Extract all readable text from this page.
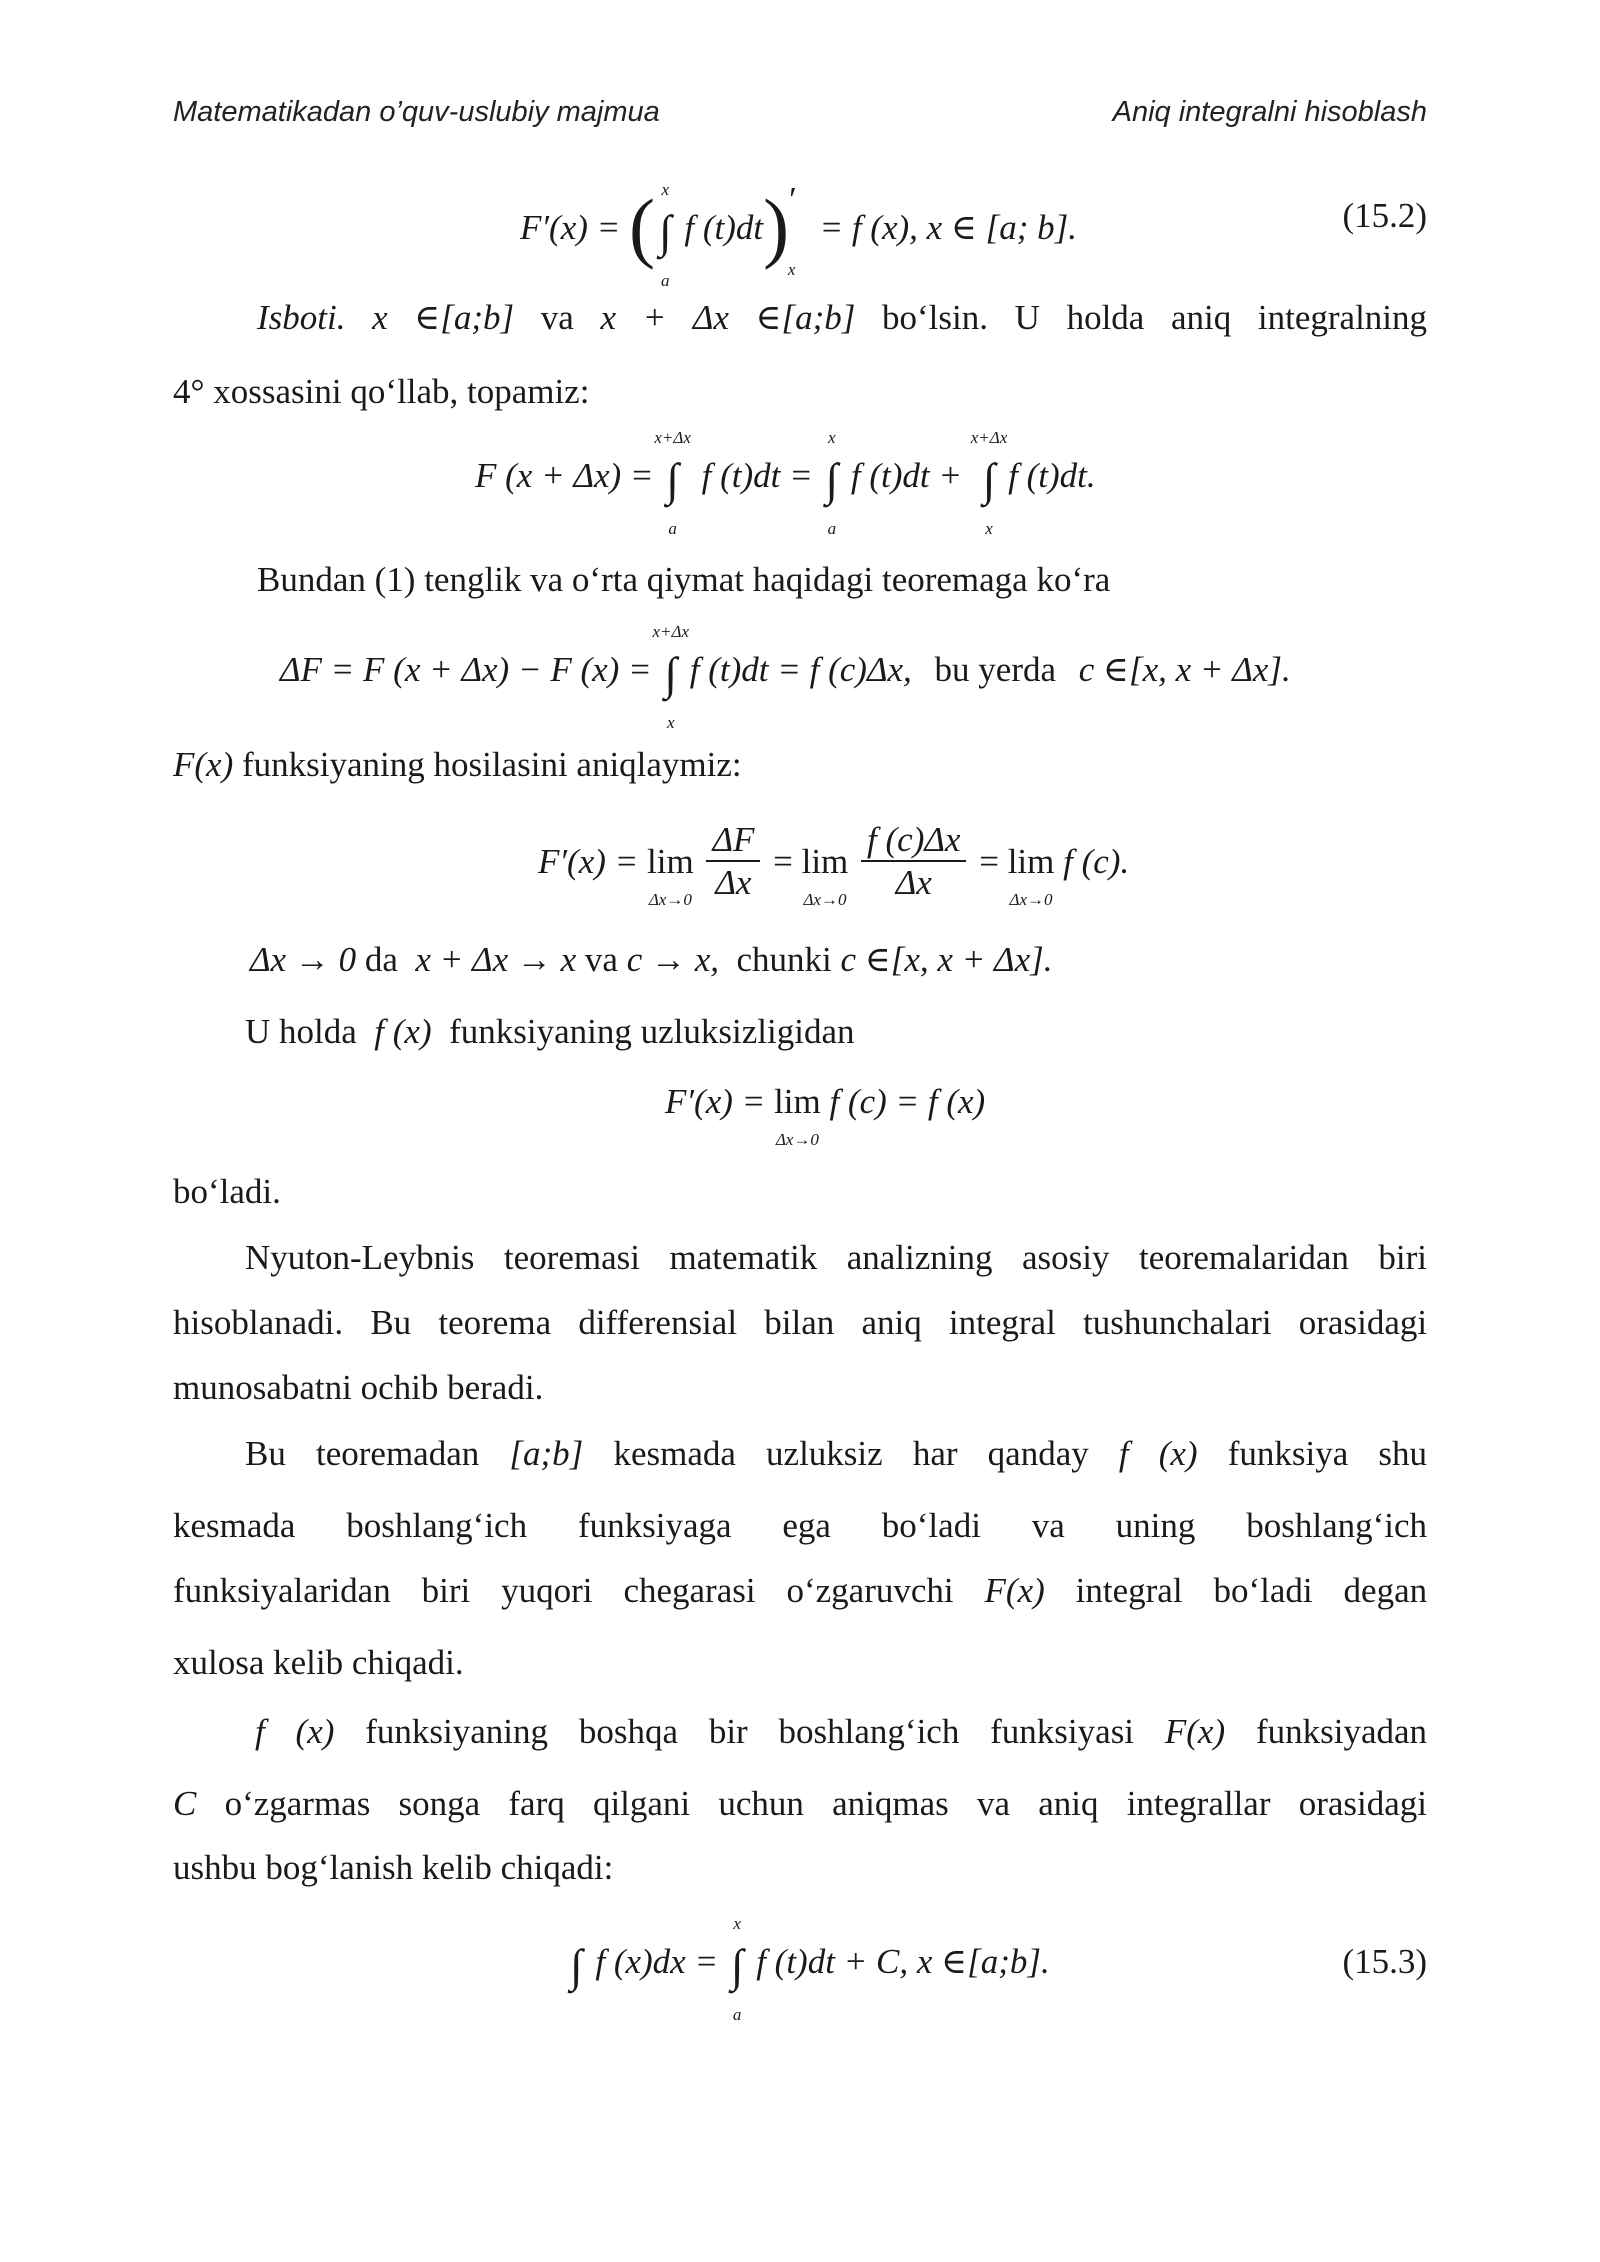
Matematikadan o’quv-uslubiy majmua	Aniq integralni hisoblash
F′(x) = (∫
x
a
f (t)dt)
x
′ = f (x), x ∈ [a; b].	(15.2)
Isboti. x ∈[a;b] va x + Δx ∈[a;b] bo‘lsin. U holda aniq integralning
4° xossasini qo‘llab, topamiz:
F (x + Δx) = ∫
x+Δx
a
f (t)dt = ∫
x
a
f (t)dt + ∫
x+Δx
x
f (t)dt.
Bundan (1) tenglik va o‘rta qiymat haqidagi teoremaga ko‘ra
ΔF = F (x + Δx) − F (x) = ∫
x+Δx
x
f (t)dt = f (c)Δx, bu yerda c ∈[x, x + Δx].
F(x) funksiyaning hosilasini aniqlaymiz:
F′(x) = lim
Δx→0
$\frac{\Delta F}{\Delta x} = \lim$
Δx→0
$\frac{f (c)\Delta x}{\Delta x} = \lim$
Δx→0
f (c).
Δx → 0 da x + Δx → x va c → x, chunki c ∈[x, x + Δx].
U holda f (x) funksiyaning uzluksizligidan
F′(x) = lim
Δx→0
f (c) = f (x)
bo‘ladi.
Nyuton-Leybnis teoremasi matematik analizning asosiy teoremalaridan biri
hisoblanadi. Bu teorema differensial bilan aniq integral tushunchalari orasidagi
munosabatni ochib beradi.
Bu teoremadan [a;b] kesmada uzluksiz har qanday f (x) funksiya shu
kesmada boshlang‘ich funksiyaga ega bo‘ladi va uning boshlang‘ich
funksiyalaridan biri yuqori chegarasi o‘zgaruvchi F(x) integral bo‘ladi degan
xulosa kelib chiqadi.
f (x) funksiyaning boshqa bir boshlang‘ich funksiyasi F(x) funksiyadan
C o‘zgarmas songa farq qilgani uchun aniqmas va aniq integrallar orasidagi
ushbu bog‘lanish kelib chiqadi:
∫ f (x)dx = ∫
x
a
f (t)dt + C, x ∈[a;b].	(15.3)
